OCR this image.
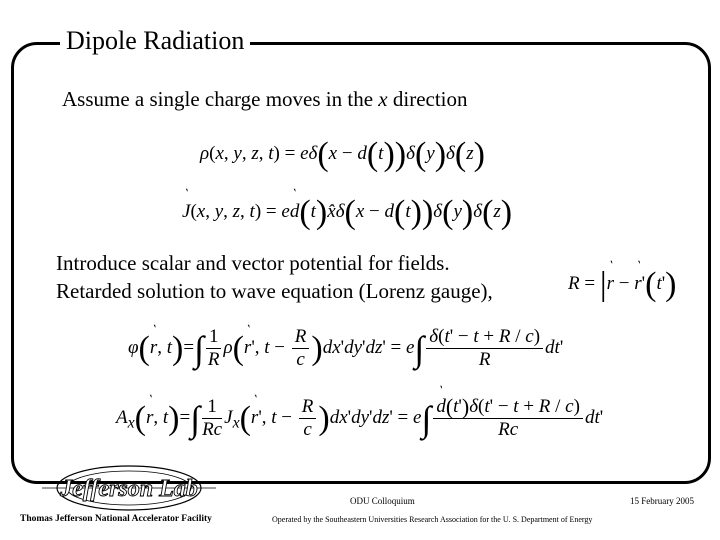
Dipole Radiation
Assume a single charge moves in the x direction
ρ(x, y, z, t) = eδ(x − d(t))δ(y)δ(z)
‵ J(x, y, z, t) = e‵ d(t)x̂δ(x − d(t))δ(y)δ(z)
Introduce scalar and vector potential for fields.
Retarded solution to wave equation (Lorenz gauge),	R = |‵ r − ‵ r'(t')
φ(‵ r, $t)=\int \frac{1}{R}$ ρ(‵ r', $t - \frac{R}{c} )dx'dy'dz' = e\int \frac{\delta(t' - t + R / c)}{R} dt'$
$A_x(‵$ r, $t)=\int \frac{1}{Rc}$ $J_x(‵$ r', $t - \frac{R}{c} )dx'dy'dz' = e\int$
‵ $\frac{d(t')\delta(t' - t + R / c)}{Rc} dt'$
Jefferson Lab
Thomas Jefferson National Accelerator Facility
ODU Colloquium
Operated by the Southeastern Universities Research Association for the U. S. Department of Energy
15 February 2005
